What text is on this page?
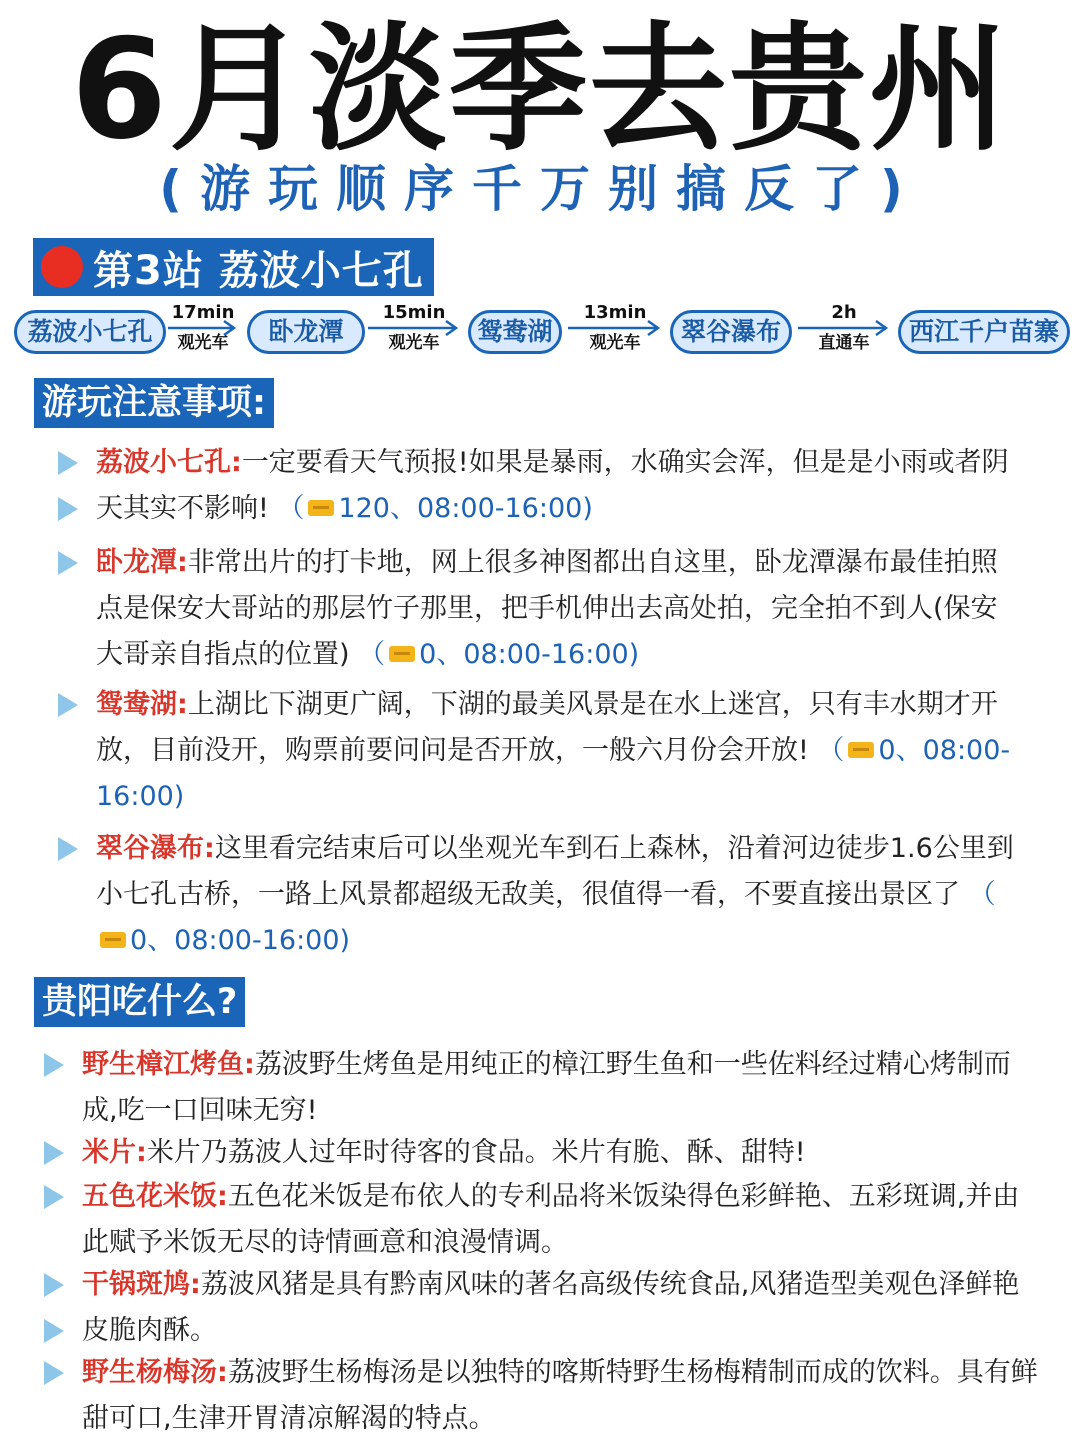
6月淡季去贵州
(游玩顺序千万别搞反了)
第3站 荔波小七孔
荔波小七孔
17min
观光车	卧龙潭
15min
观光车	鸳鸯湖
13min
观光车	翠谷瀑布
2h
直通车	西江千户苗寨
游玩注意事项:
荔波小七孔:一定要看天气预报!如果是暴雨，水确实会浑，但是是小雨或者阴天其实不影响! （ 120、08:00-16:00)
卧龙潭:非常出片的打卡地，网上很多神图都出自这里，卧龙潭瀑布最佳拍照点是保安大哥站的那层竹子那里，把手机伸出去高处拍，完全拍不到人(保安大哥亲自指点的位置) （ 0、08:00-16:00)
鸳鸯湖:上湖比下湖更广阔，下湖的最美风景是在水上迷宫，只有丰水期才开放，目前没开，购票前要问问是否开放，一般六月份会开放! （ 0、08:00-16:00)
翠谷瀑布:这里看完结束后可以坐观光车到石上森林，沿着河边徒步1.6公里到小七孔古桥，一路上风景都超级无敌美，很值得一看，不要直接出景区了 （0、08:00-16:00)
贵阳吃什么?
野生樟江烤鱼:荔波野生烤鱼是用纯正的樟江野生鱼和一些佐料经过精心烤制而成,吃一口回味无穷!
米片:米片乃荔波人过年时待客的食品。米片有脆、酥、甜特!
五色花米饭:五色花米饭是布依人的专利品将米饭染得色彩鲜艳、五彩斑调,并由此赋予米饭无尽的诗情画意和浪漫情调。
干锅斑鸠:荔波风猪是具有黔南风味的著名高级传统食品,风猪造型美观色泽鲜艳皮脆肉酥。
野生杨梅汤:荔波野生杨梅汤是以独特的喀斯特野生杨梅精制而成的饮料。具有鲜甜可口,生津开胃清凉解渴的特点。
